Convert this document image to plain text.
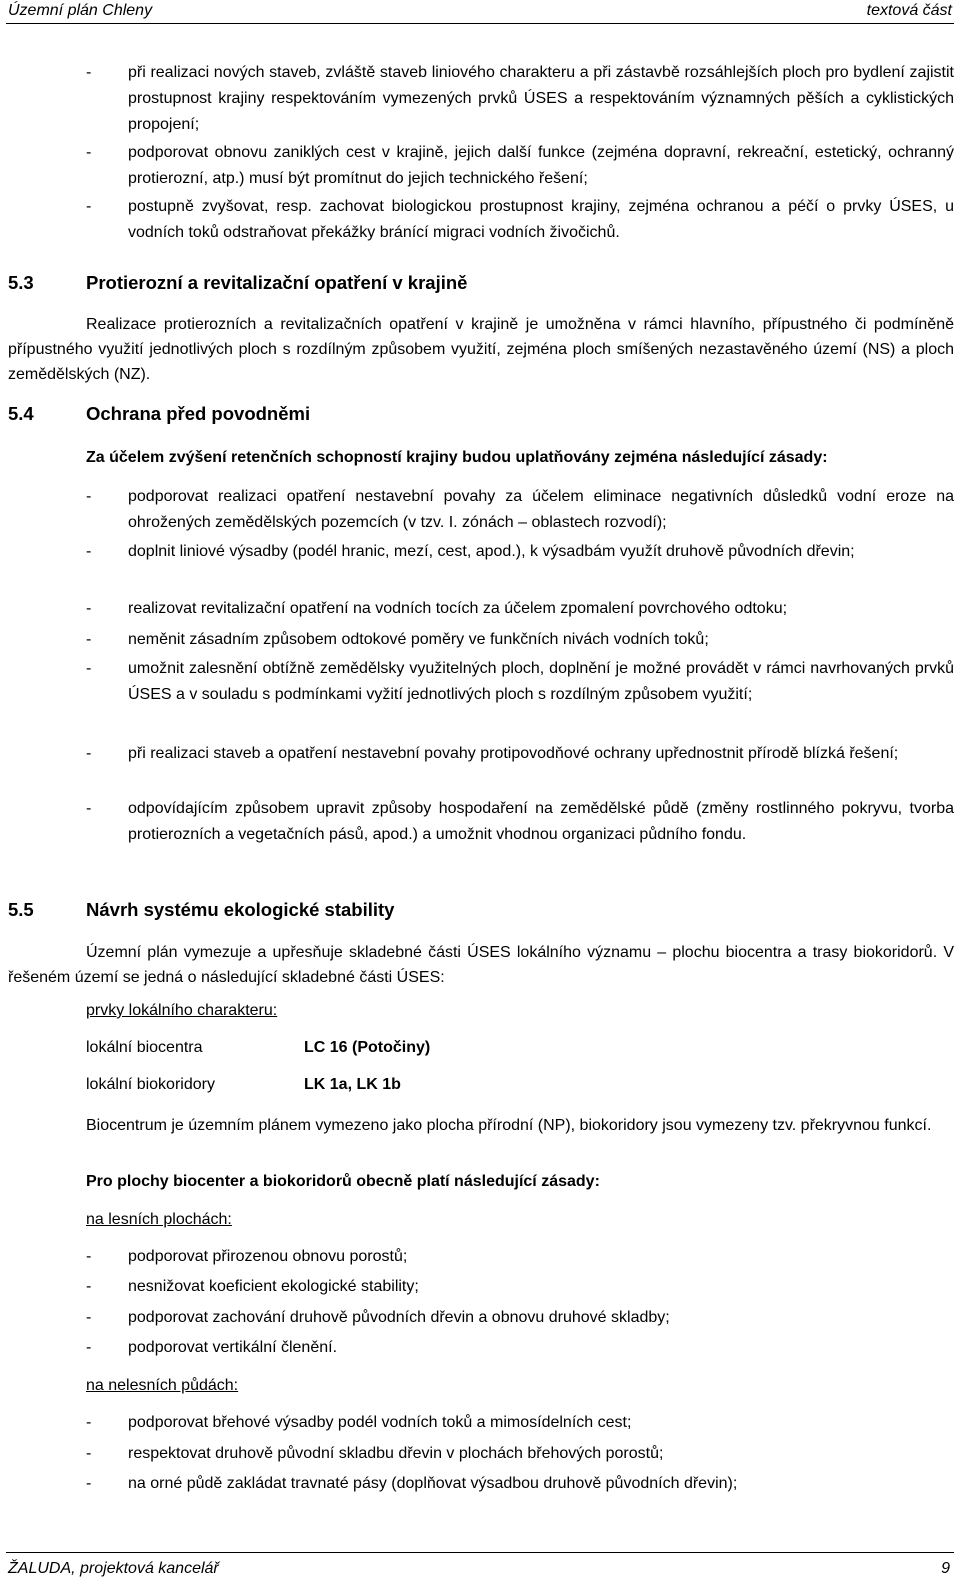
Územní plán Chleny	textová část
- při realizaci nových staveb, zvláště staveb liniového charakteru a při zástavbě rozsáhlejších ploch pro bydlení zajistit prostupnost krajiny respektováním vymezených prvků ÚSES a respektováním významných pěších a cyklistických propojení;
- podporovat obnovu zaniklých cest v krajině, jejich další funkce (zejména dopravní, rekreační, estetický, ochranný protierozní, atp.) musí být promítnut do jejich technického řešení;
- postupně zvyšovat, resp. zachovat biologickou prostupnost krajiny, zejména ochranou a péčí o prvky ÚSES, u vodních toků odstraňovat překážky bránící migraci vodních živočichů.
5.3	Protierozní a revitalizační opatření v krajině
Realizace protierozních a revitalizačních opatření v krajině je umožněna v rámci hlavního, přípustného či podmíněně přípustného využití jednotlivých ploch s rozdílným způsobem využití, zejména ploch smíšených nezastavěného území (NS) a ploch zemědělských (NZ).
5.4	Ochrana před povodněmi
Za účelem zvýšení retenčních schopností krajiny budou uplatňovány zejména následující zásady:
- podporovat realizaci opatření nestavební povahy za účelem eliminace negativních důsledků vodní eroze na ohrožených zemědělských pozemcích (v tzv. I. zónách – oblastech rozvodí);
- doplnit liniové výsadby (podél hranic, mezí, cest, apod.), k výsadbám využít druhově původních dřevin;
- realizovat revitalizační opatření na vodních tocích za účelem zpomalení povrchového odtoku;
- neměnit zásadním způsobem odtokové poměry ve funkčních nivách vodních toků;
- umožnit zalesnění obtížně zemědělsky využitelných ploch, doplnění je možné provádět v rámci navrhovaných prvků ÚSES a v souladu s podmínkami vyžití jednotlivých ploch s rozdílným způsobem využití;
- při realizaci staveb a opatření nestavební povahy protipovodňové ochrany upřednostnit přírodě blízká řešení;
- odpovídajícím způsobem upravit způsoby hospodaření na zemědělské půdě (změny rostlinného pokryvu, tvorba protierozních a vegetačních pásů, apod.) a umožnit vhodnou organizaci půdního fondu.
5.5	Návrh systému ekologické stability
Územní plán vymezuje a upřesňuje skladebné části ÚSES lokálního významu – plochu biocentra a trasy biokoridorů. V řešeném území se jedná o následující skladebné části ÚSES:
prvky lokálního charakteru:
lokální biocentra	LC 16 (Potočiny)
lokální biokoridory	LK 1a, LK 1b
Biocentrum je územním plánem vymezeno jako plocha přírodní (NP), biokoridory jsou vymezeny tzv. překryvnou funkcí.
Pro plochy biocenter a biokoridorů obecně platí následující zásady:
na lesních plochách:
- podporovat přirozenou obnovu porostů;
- nesnižovat koeficient ekologické stability;
- podporovat zachování druhově původních dřevin a obnovu druhové skladby;
- podporovat vertikální členění.
na nelesních půdách:
- podporovat břehové výsadby podél vodních toků a mimosídelních cest;
- respektovat druhově původní skladbu dřevin v plochách břehových porostů;
- na orné půdě zakládat travnaté pásy (doplňovat výsadbou druhově původních dřevin);
ŽALUDA, projektová kancelář	9
